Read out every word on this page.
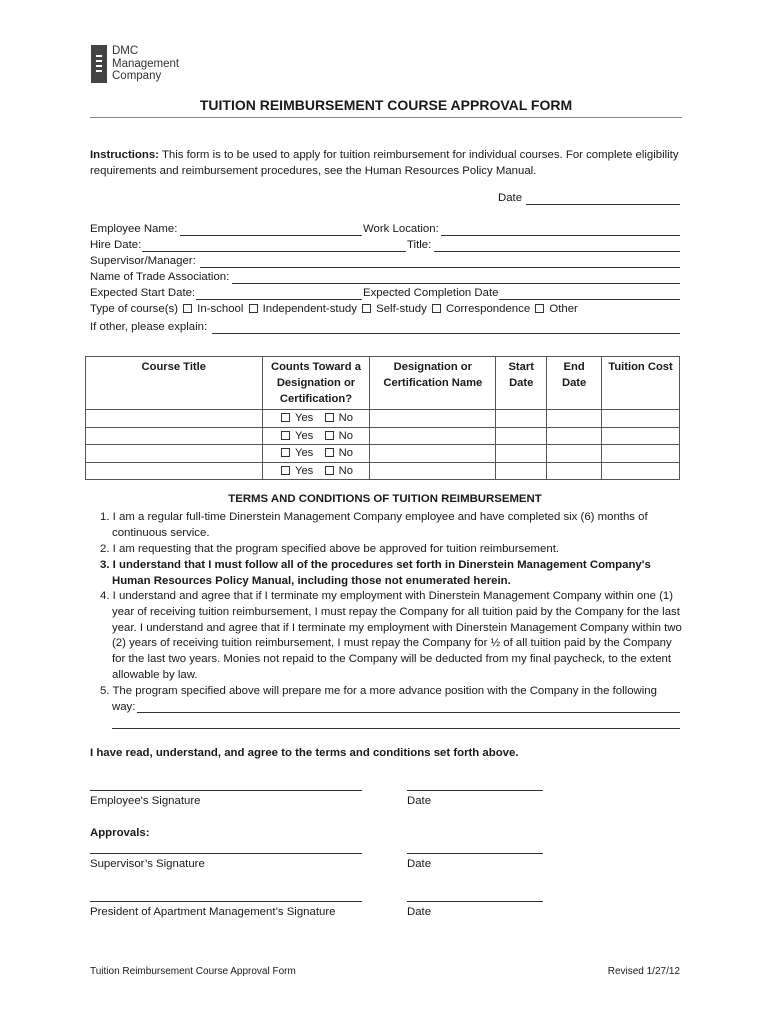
DMC
Management
Company
TUITION REIMBURSEMENT COURSE APPROVAL FORM
Instructions: This form is to be used to apply for tuition reimbursement for individual courses. For complete eligibility requirements and reimbursement procedures, see the Human Resources Policy Manual.
Date
Employee Name:	Work Location:
Hire Date:	Title:
Supervisor/Manager:
Name of Trade Association:
Expected Start Date:	Expected Completion Date
Type of course(s) In-school Independent-study Self-study Correspondence Other
If other, please explain:
Course Title	Counts Toward a Designation or Certification?	Designation or Certification Name	Start Date	End Date	Tuition Cost
	Yes No				
	Yes No				
	Yes No				
	Yes No				
TERMS AND CONDITIONS OF TUITION REIMBURSEMENT
1. I am a regular full-time Dinerstein Management Company employee and have completed six (6) months of continuous service.
2. I am requesting that the program specified above be approved for tuition reimbursement.
3. I understand that I must follow all of the procedures set forth in Dinerstein Management Company's Human Resources Policy Manual, including those not enumerated herein.
4. I understand and agree that if I terminate my employment with Dinerstein Management Company within one (1) year of receiving tuition reimbursement, I must repay the Company for all tuition paid by the Company for the last year. I understand and agree that if I terminate my employment with Dinerstein Management Company within two (2) years of receiving tuition reimbursement, I must repay the Company for ½ of all tuition paid by the Company for the last two years. Monies not repaid to the Company will be deducted from my final paycheck, to the extent allowable by law.
5. The program specified above will prepare me for a more advance position with the Company in the following
way:
I have read, understand, and agree to the terms and conditions set forth above.
Employee's Signature	Date
Approvals:
Supervisor’s Signature	Date
President of Apartment Management’s Signature	Date
Tuition Reimbursement Course Approval Form	Revised 1/27/12
